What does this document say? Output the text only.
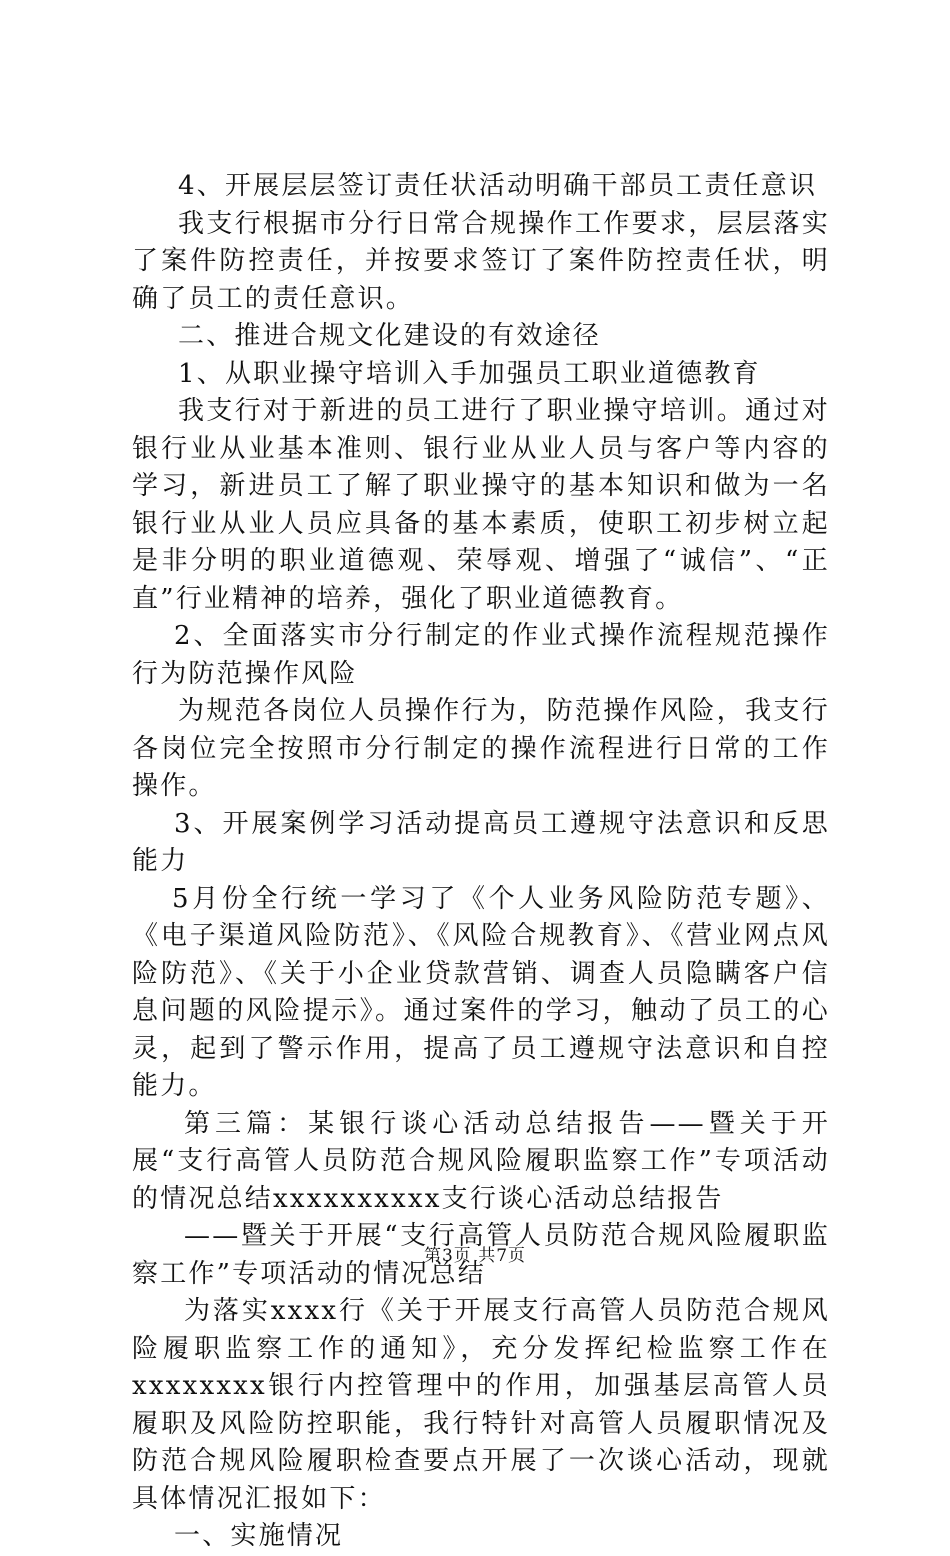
4、开展层层签订责任状活动明确干部员工责任意识

我支行根据市分行日常合规操作工作要求，层层落实了案件防控责任，并按要求签订了案件防控责任状，明确了员工的责任意识。

二、推进合规文化建设的有效途径

1、从职业操守培训入手加强员工职业道德教育

我支行对于新进的员工进行了职业操守培训。通过对银行业从业基本准则、银行业从业人员与客户等内容的学习，新进员工了解了职业操守的基本知识和做为一名银行业从业人员应具备的基本素质，使职工初步树立起是非分明的职业道德观、荣辱观、增强了“诚信”、“正直”行业精神的培养，强化了职业道德教育。

2、全面落实市分行制定的作业式操作流程规范操作行为防范操作风险

为规范各岗位人员操作行为，防范操作风险，我支行各岗位完全按照市分行制定的操作流程进行日常的工作操作。

3、开展案例学习活动提高员工遵规守法意识和反思能力

5月份全行统一学习了《个人业务风险防范专题》、《电子渠道风险防范》、《风险合规教育》、《营业网点风险防范》、《关于小企业贷款营销、调查人员隐瞒客户信息问题的风险提示》。通过案件的学习，触动了员工的心灵，起到了警示作用，提高了员工遵规守法意识和自控能力。

第三篇：某银行谈心活动总结报告——暨关于开展“支行高管人员防范合规风险履职监察工作”专项活动的情况总结xxxxxxxxxx支行谈心活动总结报告

——暨关于开展“支行高管人员防范合规风险履职监察工作”专项活动的情况总结

为落实xxxx行《关于开展支行高管人员防范合规风险履职监察工作的通知》，充分发挥纪检监察工作在xxxxxxxx银行内控管理中的作用，加强基层高管人员履职及风险防控职能，我行特针对高管人员履职情况及防范合规风险履职检查要点开展了一次谈心活动，现就具体情况汇报如下：

一、实施情况

第3页 共7页
